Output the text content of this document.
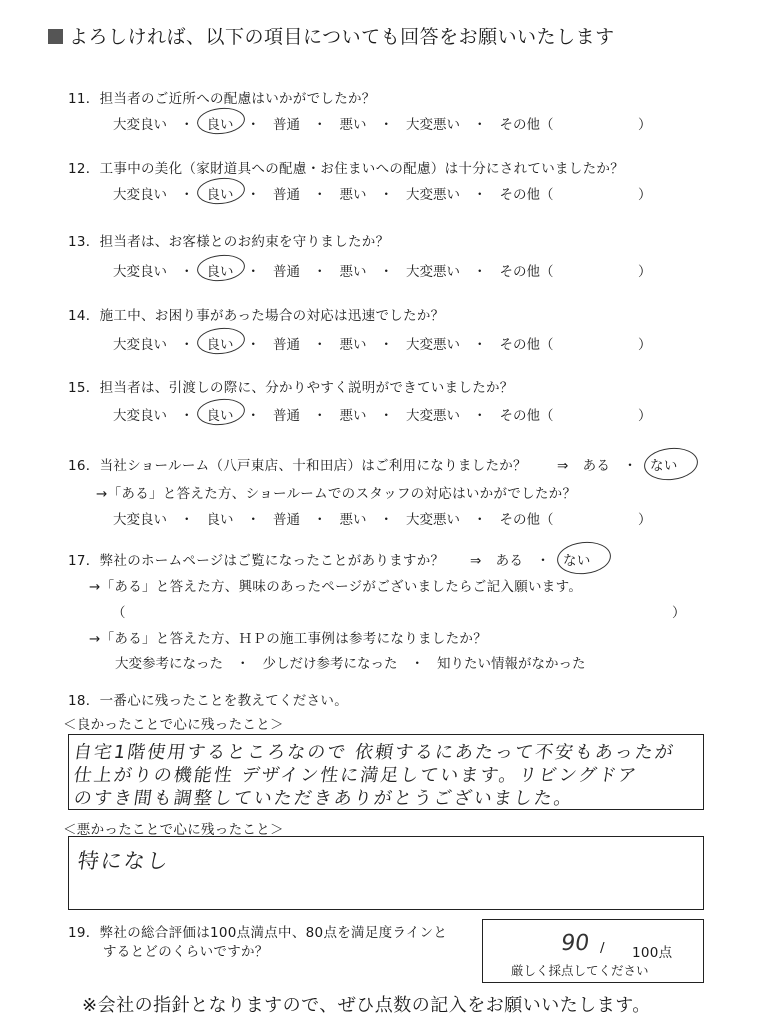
よろしければ、以下の項目についても回答をお願いいたします
11．担当者のご近所への配慮はいかがでしたか？
大変良い ・ 良い ・ 普通 ・ 悪い ・ 大変悪い ・ その他（	）
12．工事中の美化（家財道具への配慮・お住まいへの配慮）は十分にされていましたか？
大変良い ・ 良い ・ 普通 ・ 悪い ・ 大変悪い ・ その他（	）
13．担当者は、お客様とのお約束を守りましたか？
大変良い ・ 良い ・ 普通 ・ 悪い ・ 大変悪い ・ その他（	）
14．施工中、お困り事があった場合の対応は迅速でしたか？
大変良い ・ 良い ・ 普通 ・ 悪い ・ 大変悪い ・ その他（	）
15．担当者は、引渡しの際に、分かりやすく説明ができていましたか？
大変良い ・ 良い ・ 普通 ・ 悪い ・ 大変悪い ・ その他（	）
16．当社ショールーム（八戸東店、十和田店）はご利用になりましたか？ ⇒ ある ・ ない
→「ある」と答えた方、ショールームでのスタッフの対応はいかがでしたか？
大変良い ・ 良い ・ 普通 ・ 悪い ・ 大変悪い ・ その他（	）
17．弊社のホームページはご覧になったことがありますか？ ⇒ ある ・ ない
→「ある」と答えた方、興味のあったページがございましたらご記入願います。
（	）
→「ある」と答えた方、ＨＰの施工事例は参考になりましたか？
大変参考になった ・ 少しだけ参考になった ・ 知りたい情報がなかった
18．一番心に残ったことを教えてください。
＜良かったことで心に残ったこと＞
自宅1階使用するところなので 依頼するにあたって不安もあったが
仕上がりの機能性 デザイン性に満足しています。リビングドア
のすき間も調整していただきありがとうございました。
＜悪かったことで心に残ったこと＞
特になし
19．弊社の総合評価は100点満点中、80点を満足度ラインと
するとどのくらいですか？	90 / 100点
厳しく採点してください
※会社の指針となりますので、ぜひ点数の記入をお願いいたします。
